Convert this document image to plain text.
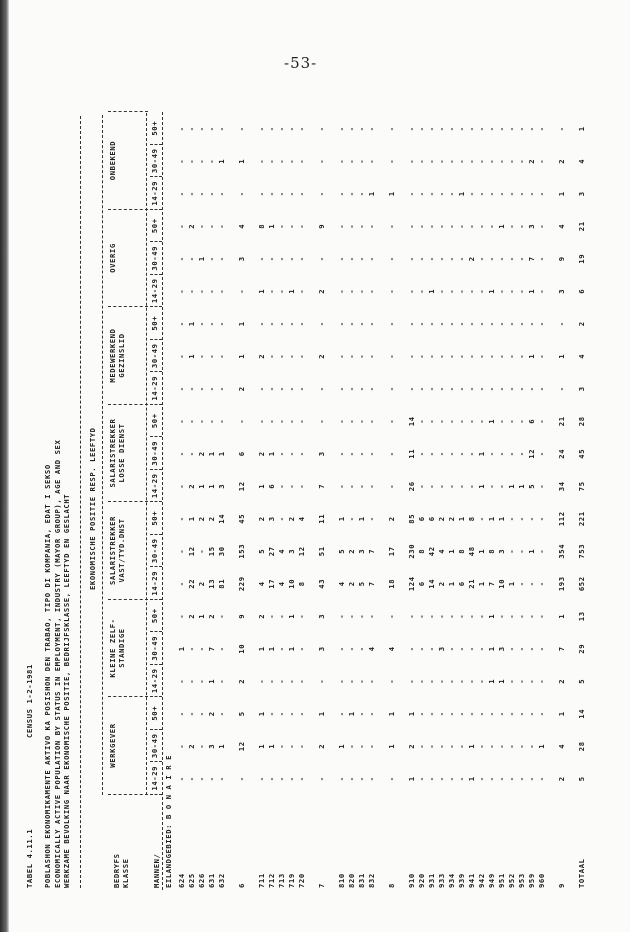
-53-
TABEL 4.11.1
CENSUS 1-2-1981 POBLASHON EKONOMIKAMENTE AKTIVO KA POSISHON DEN TRABAO, TIPO DI KOMPANIA, EDAT I SEKSO ECONOMICALLY ACTIVE POPULATION BY STATUS IN EMPLOYMENT, INDUSTRY (MAYOR GROUP), AGE AND SEX WERKZAME BEVOLKING NAAR EKONOMISCHE POSITIE, BEDRIJFSKLASSE, LEEFTYD EN GESLACHT	BEDRYFS KLASSE	MANNEN/
EKONOMISCHE POSITIE RESP. LEEFTYD
WERKGEVER
KLEINE ZELF- STANDIGE
SALARISTREKKER VAST/TYD.DNST
SALARISTREKKER LOSSE DIENST
MEDEWERKEND GEZINSLID
OVERIG
ONBEKEND
14-29
30-49
50+
14-29
30-49
50+
14-29
30-49
50+
14-29
30-49
50+
14-29
30-49
50+
14-29
30-49
50+
14-29
30-49
50+
EILANDGEBIED: B O N A I R E 624
-
-
-
-
1
-
-
-
-
-
-
-
-
-
-
-
-
-
-
-
-
625
-
2
-
-
-
2
22
12
1
2
-
-
-
1
1
-
-
2
-
-
-
626
-
-
-
-
-
1
2
-
2
1
2
-
-
-
-
-
1
-
-
-
-
631
-
3
2
1
7
2
13
15
2
1
1
-
-
-
-
-
-
-
-
-
-
632
-
1
-
-
-
-
81
30
14
3
1
-
-
-
-
-
-
-
-
1
-
6
-
12
5
2
10
9
229
153
45
12
6
-
2
1
1
-
3
4
-
1
-
711
-
1
1
-
1
2
4
5
2
1
2
-
-
2
-
1
-
8
-
-
-
712
-
1
-
-
1
-
17
27
3
6
1
-
-
-
-
-
-
1
-
-
-
713
-
-
-
-
-
-
4
4
-
-
-
-
-
-
-
-
-
-
-
-
-
719
-
-
-
-
1
1
10
3
2
-
-
-
-
-
-
1
-
-
-
-
-
720
-
-
-
-
-
-
8
12
4
-
-
-
-
-
-
-
-
-
-
-
-
7
-
2
1
-
3
3
43
51
11
7
3
-
-
2
-
2
-
9
-
-
-
810
-
1
-
-
-
-
4
5
1
-
-
-
-
-
-
-
-
-
-
-
-
820
-
-
1
-
-
-
2
2
-
-
-
-
-
-
-
-
-
-
-
-
-
831
-
-
-
-
-
-
5
3
1
-
-
-
-
-
-
-
-
-
-
-
-
832
-
-
-
-
4
-
7
7
-
-
-
-
-
-
-
-
-
-
1
-
-
8
-
1
1
-
4
-
18
17
2
-
-
-
-
-
-
-
-
-
1
-
-
910
1
2
1
-
-
-
124
230
85
26
11
14
-
-
-
-
-
-
-
-
-
920
-
-
-
-
-
-
6
8
6
-
-
-
-
-
-
-
-
-
-
-
-
931
-
-
-
-
-
-
14
42
6
-
-
-
-
-
-
1
-
-
-
-
-
933
-
-
-
-
3
-
2
4
2
-
-
-
-
-
-
-
-
-
-
-
-
934
-
-
-
-
-
-
1
1
2
-
-
-
-
-
-
-
-
-
-
-
-
939
-
-
-
-
-
-
6
8
1
-
-
-
-
-
-
-
-
-
1
-
-
941
1
1
-
-
-
-
21
48
8
-
-
-
-
-
-
-
2
-
-
-
-
942
-
-
-
-
-
-
1
1
-
1
1
-
-
-
-
-
-
-
-
-
-
949
-
-
-
1
1
1
7
8
1
-
-
1
-
-
-
1
-
-
-
-
-
951
-
-
-
1
3
-
10
3
1
-
-
-
-
-
-
-
-
1
-
-
-
952
-
-
-
-
-
-
1
-
-
1
-
-
-
-
-
-
-
-
-
-
-
953
-
-
-
-
-
-
-
-
-
1
-
-
-
-
-
-
-
-
-
-
-
959
-
-
-
-
-
-
-
1
-
5
12
6
-
1
-
1
7
3
-
2
-
960
-
1
-
-
-
-
-
-
-
-
-
-
-
-
-
-
-
-
-
-
-
9
2
4
1
2
7
1
193
354
112
34
24
21
-
1
-
3
9
4
1
2
-
TOTAAL
5
28
14
5
29
13
652
753
221
75
45
28
3
4
2
6
19
21
3
4
1
